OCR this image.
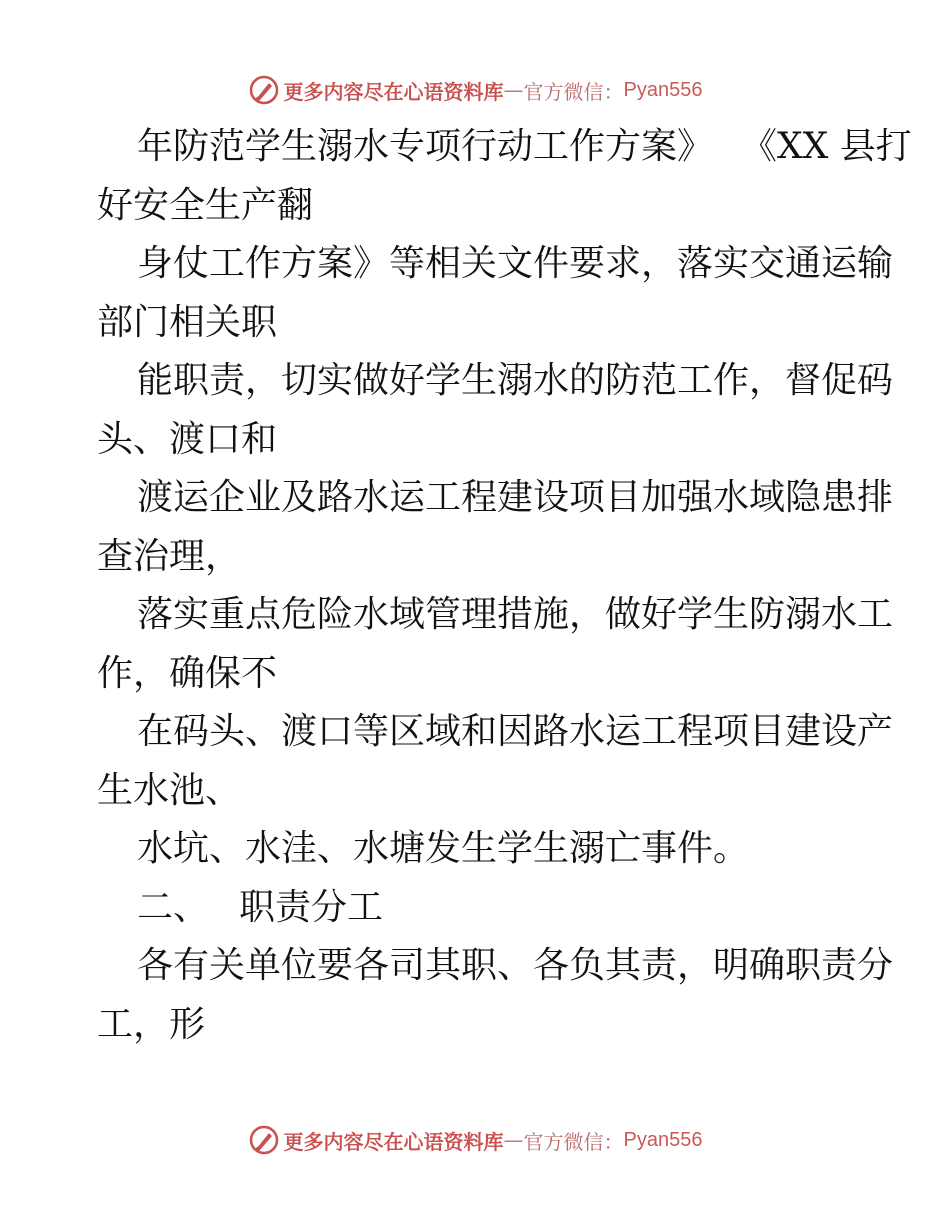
更多内容尽在心语资料库 — 官方微信： Pyan556
年防范学生溺水专项行动工作方案》 《XX 县打
好安全生产翻
身仗工作方案》等相关文件要求，落实交通运输
部门相关职
能职责，切实做好学生溺水的防范工作，督促码
头、渡口和
渡运企业及路水运工程建设项目加强水域隐患排
查治理，
落实重点危险水域管理措施，做好学生防溺水工
作，确保不
在码头、渡口等区域和因路水运工程项目建设产
生水池、
水坑、水洼、水塘发生学生溺亡事件。
二、 职责分工
各有关单位要各司其职、各负其责，明确职责分
工，形
更多内容尽在心语资料库 — 官方微信： Pyan556
